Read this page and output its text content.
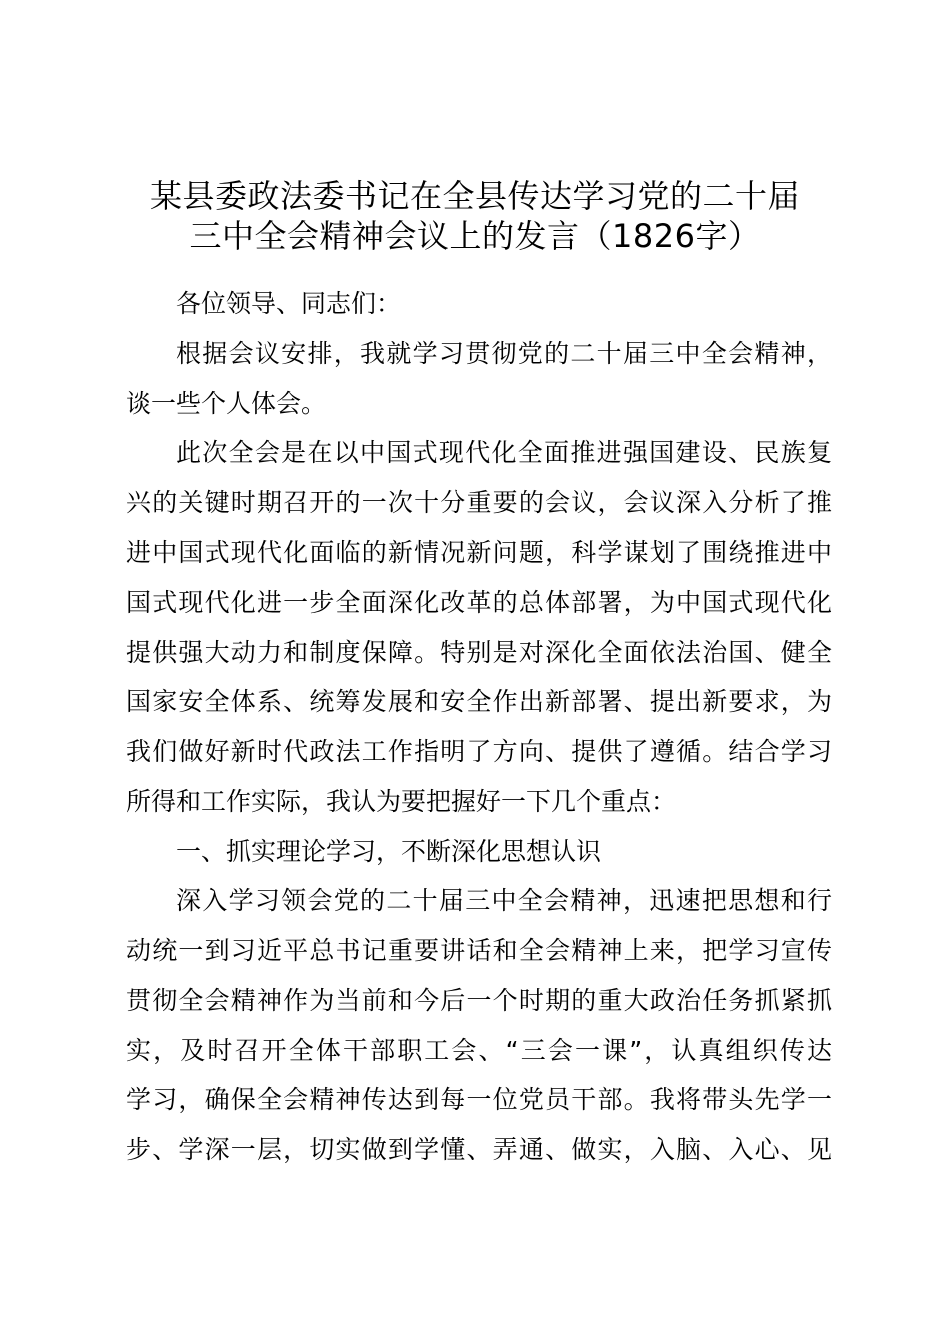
某县委政法委书记在全县传达学习党的二十届
三中全会精神会议上的发言（1826字）
各位领导、同志们：
根据会议安排，我就学习贯彻党的二十届三中全会精神，
谈一些个人体会。
此次全会是在以中国式现代化全面推进强国建设、民族复
兴的关键时期召开的一次十分重要的会议，会议深入分析了推
进中国式现代化面临的新情况新问题，科学谋划了围绕推进中
国式现代化进一步全面深化改革的总体部署，为中国式现代化
提供强大动力和制度保障。特别是对深化全面依法治国、健全
国家安全体系、统筹发展和安全作出新部署、提出新要求，为
我们做好新时代政法工作指明了方向、提供了遵循。结合学习
所得和工作实际，我认为要把握好一下几个重点：
一、抓实理论学习，不断深化思想认识
深入学习领会党的二十届三中全会精神，迅速把思想和行
动统一到习近平总书记重要讲话和全会精神上来，把学习宣传
贯彻全会精神作为当前和今后一个时期的重大政治任务抓紧抓
实，及时召开全体干部职工会、“三会一课”，认真组织传达
学习，确保全会精神传达到每一位党员干部。我将带头先学一
步、学深一层，切实做到学懂、弄通、做实，入脑、入心、见
